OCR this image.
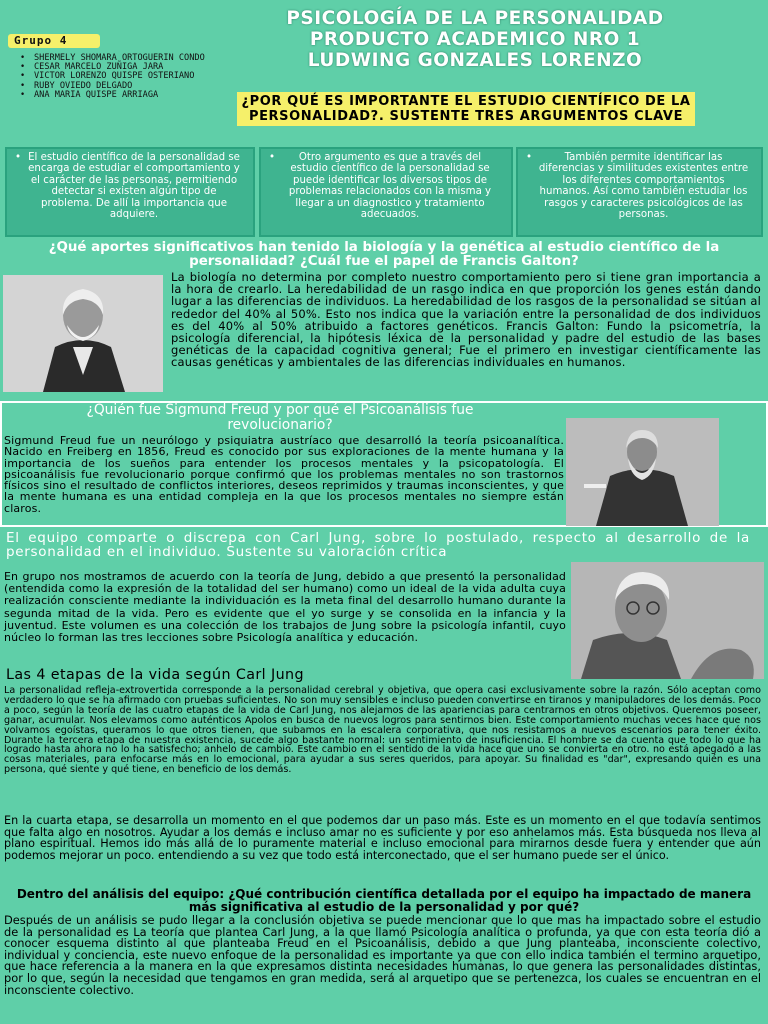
PSICOLOGÍA DE LA PERSONALIDAD
PRODUCTO ACADEMICO NRO 1
LUDWING GONZALES LORENZO
Grupo 4
• SHERMELY SHOMARA ORTOGUERIN CONDO
• CESAR MARCELO ZUÑIGA JARA
• VICTOR LORENZO QUISPE OSTERIANO
• RUBY OVIEDO DELGADO
• ANA MARIA QUISPE ARRIAGA	¿POR QUÉ ES IMPORTANTE EL ESTUDIO CIENTÍFICO DE LA PERSONALIDAD?. SUSTENTE TRES ARGUMENTOS CLAVE
• El estudio científico de la personalidad se encarga de estudiar el comportamiento y el carácter de las personas, permitiendo detectar si existen algún tipo de problema. De allí la importancia que adquiere.
• Otro argumento es que a través del estudio científico de la personalidad se puede identificar los diversos tipos de problemas relacionados con la misma y llegar a un diagnostico y tratamiento adecuados.
•	También permite identificar las diferencias y similitudes existentes entre los diferentes comportamientos humanos. Así como también estudiar los rasgos y caracteres psicológicos de las personas.
¿Qué aportes significativos han tenido la biología y la genética al estudio científico de la personalidad? ¿Cuál fue el papel de Francis Galton?
La biología no determina por completo nuestro comportamiento pero si tiene gran importancia a la hora de crearlo. La heredabilidad de un rasgo indica en que proporción los genes están dando lugar a las diferencias de individuos. La heredabilidad de los rasgos de la personalidad se sitúan al rededor del 40% al 50%. Esto nos indica que la variación entre la personalidad de dos individuos es del 40% al 50% atribuido a factores genéticos. Francis Galton: Fundo la psicometría, la psicología diferencial, la hipótesis léxica de la personalidad y padre del estudio de las bases genéticas de la capacidad cognitiva general; Fue el primero en investigar científicamente las causas genéticas y ambientales de las diferencias individuales en humanos.
¿Quién fue Sigmund Freud y por qué el Psicoanálisis fue revolucionario?
Sigmund Freud fue un neurólogo y psiquiatra austríaco que desarrolló la teoría psicoanalítica. Nacido en Freiberg en 1856, Freud es conocido por sus exploraciones de la mente humana y la importancia de los sueños para entender los procesos mentales y la psicopatología. El psicoanálisis fue revolucionario porque confirmó que los problemas mentales no son trastornos físicos sino el resultado de conflictos interiores, deseos reprimidos y traumas inconscientes, y que la mente humana es una entidad compleja en la que los procesos mentales no siempre están claros.
El equipo comparte o discrepa con Carl Jung, sobre lo postulado, respecto al desarrollo de la personalidad en el individuo. Sustente su valoración crítica
En grupo nos mostramos de acuerdo con la teoría de Jung, debido a que presentó la personalidad (entendida como la expresión de la totalidad del ser humano) como un ideal de la vida adulta cuya realización consciente mediante la individuación es la meta final del desarrollo humano durante la segunda mitad de la vida. Pero es evidente que el yo surge y se consolida en la infancia y la juventud. Este volumen es una colección de los trabajos de Jung sobre la psicología infantil, cuyo núcleo lo forman las tres lecciones sobre Psicología analítica y educación.
Las 4 etapas de la vida según Carl Jung
La personalidad refleja-extrovertida corresponde a la personalidad cerebral y objetiva, que opera casi exclusivamente sobre la razón. Sólo aceptan como verdadero lo que se ha afirmado con pruebas suficientes. No son muy sensibles e incluso pueden convertirse en tiranos y manipuladores de los demás. Poco a poco, según la teoría de las cuatro etapas de la vida de Carl Jung, nos alejamos de las apariencias para centrarnos en otros objetivos. Queremos poseer, ganar, acumular. Nos elevamos como auténticos Apolos en busca de nuevos logros para sentirnos bien. Este comportamiento muchas veces hace que nos volvamos egoístas, queramos lo que otros tienen, que subamos en la escalera corporativa, que nos resistamos a nuevos escenarios para tener éxito. Durante la tercera etapa de nuestra existencia, sucede algo bastante normal: un sentimiento de insuficiencia. El hombre se da cuenta que todo lo que ha logrado hasta ahora no lo ha satisfecho; anhelo de cambio. Este cambio en el sentido de la vida hace que uno se convierta en otro. no está apegado a las cosas materiales, para enfocarse más en lo emocional, para ayudar a sus seres queridos, para apoyar. Su finalidad es "dar", expresando quién es una persona, qué siente y qué tiene, en beneficio de los demás.
En la cuarta etapa, se desarrolla un momento en el que podemos dar un paso más. Este es un momento en el que todavía sentimos que falta algo en nosotros. Ayudar a los demás e incluso amar no es suficiente y por eso anhelamos más. Esta búsqueda nos lleva al plano espiritual. Hemos ido más allá de lo puramente material e incluso emocional para mirarnos desde fuera y entender que aún podemos mejorar un poco. entendiendo a su vez que todo está interconectado, que el ser humano puede ser el único.
Dentro del análisis del equipo: ¿Qué contribución científica detallada por el equipo ha impactado de manera más significativa al estudio de la personalidad y por qué?
Después de un análisis se pudo llegar a la conclusión objetiva se puede mencionar que lo que mas ha impactado sobre el estudio de la personalidad es La teoría que plantea Carl Jung, a la que llamó Psicología analítica o profunda, ya que con esta teoría dió a conocer esquema distinto al que planteaba Freud en el Psicoanálisis, debido a que Jung planteaba, inconsciente colectivo, individual y conciencia, este nuevo enfoque de la personalidad es importante ya que con ello indica también el termino arquetipo, que hace referencia a la manera en la que expresamos distinta necesidades humanas, lo que genera las personalidades distintas, por lo que, según la necesidad que tengamos en gran medida, será al arquetipo que se pertenezca, los cuales se encuentran en el inconsciente colectivo.
